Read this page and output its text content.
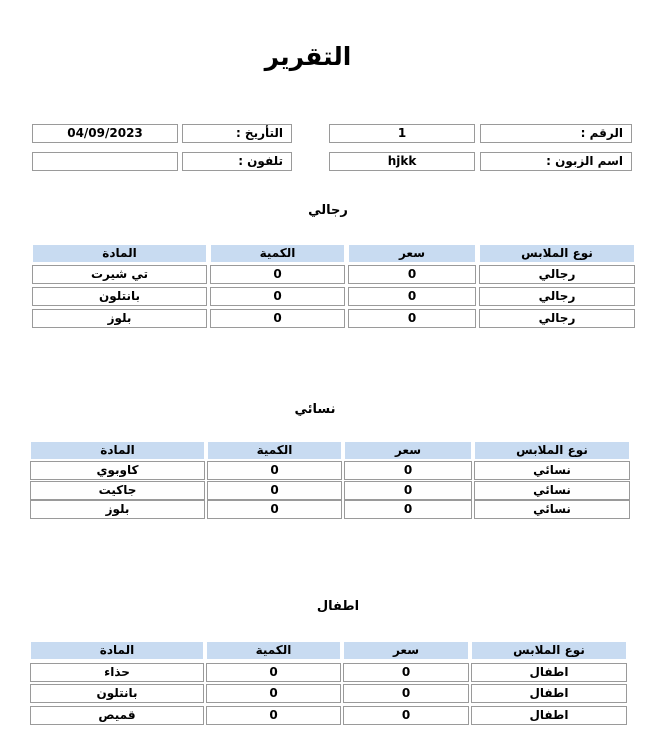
التقرير
الرقم :
1
التأريخ :
04/09/2023
اسم الزبون :
hjkk
تلفون :
رجالي
نوع الملابس
سعر
الكمية
المادة
رجالي
0
0
تي شيرت
رجالي
0
0
بانتلون
رجالي
0
0
بلوز
نسائي
نوع الملابس
سعر
الكمية
المادة
نسائي
0
0
كاوبوي
نسائي
0
0
جاكيت
نسائي
0
0
بلوز
اطفال
نوع الملابس
سعر
الكمية
المادة
اطفال
0
0
حذاء
اطفال
0
0
بانتلون
اطفال
0
0
قميص
